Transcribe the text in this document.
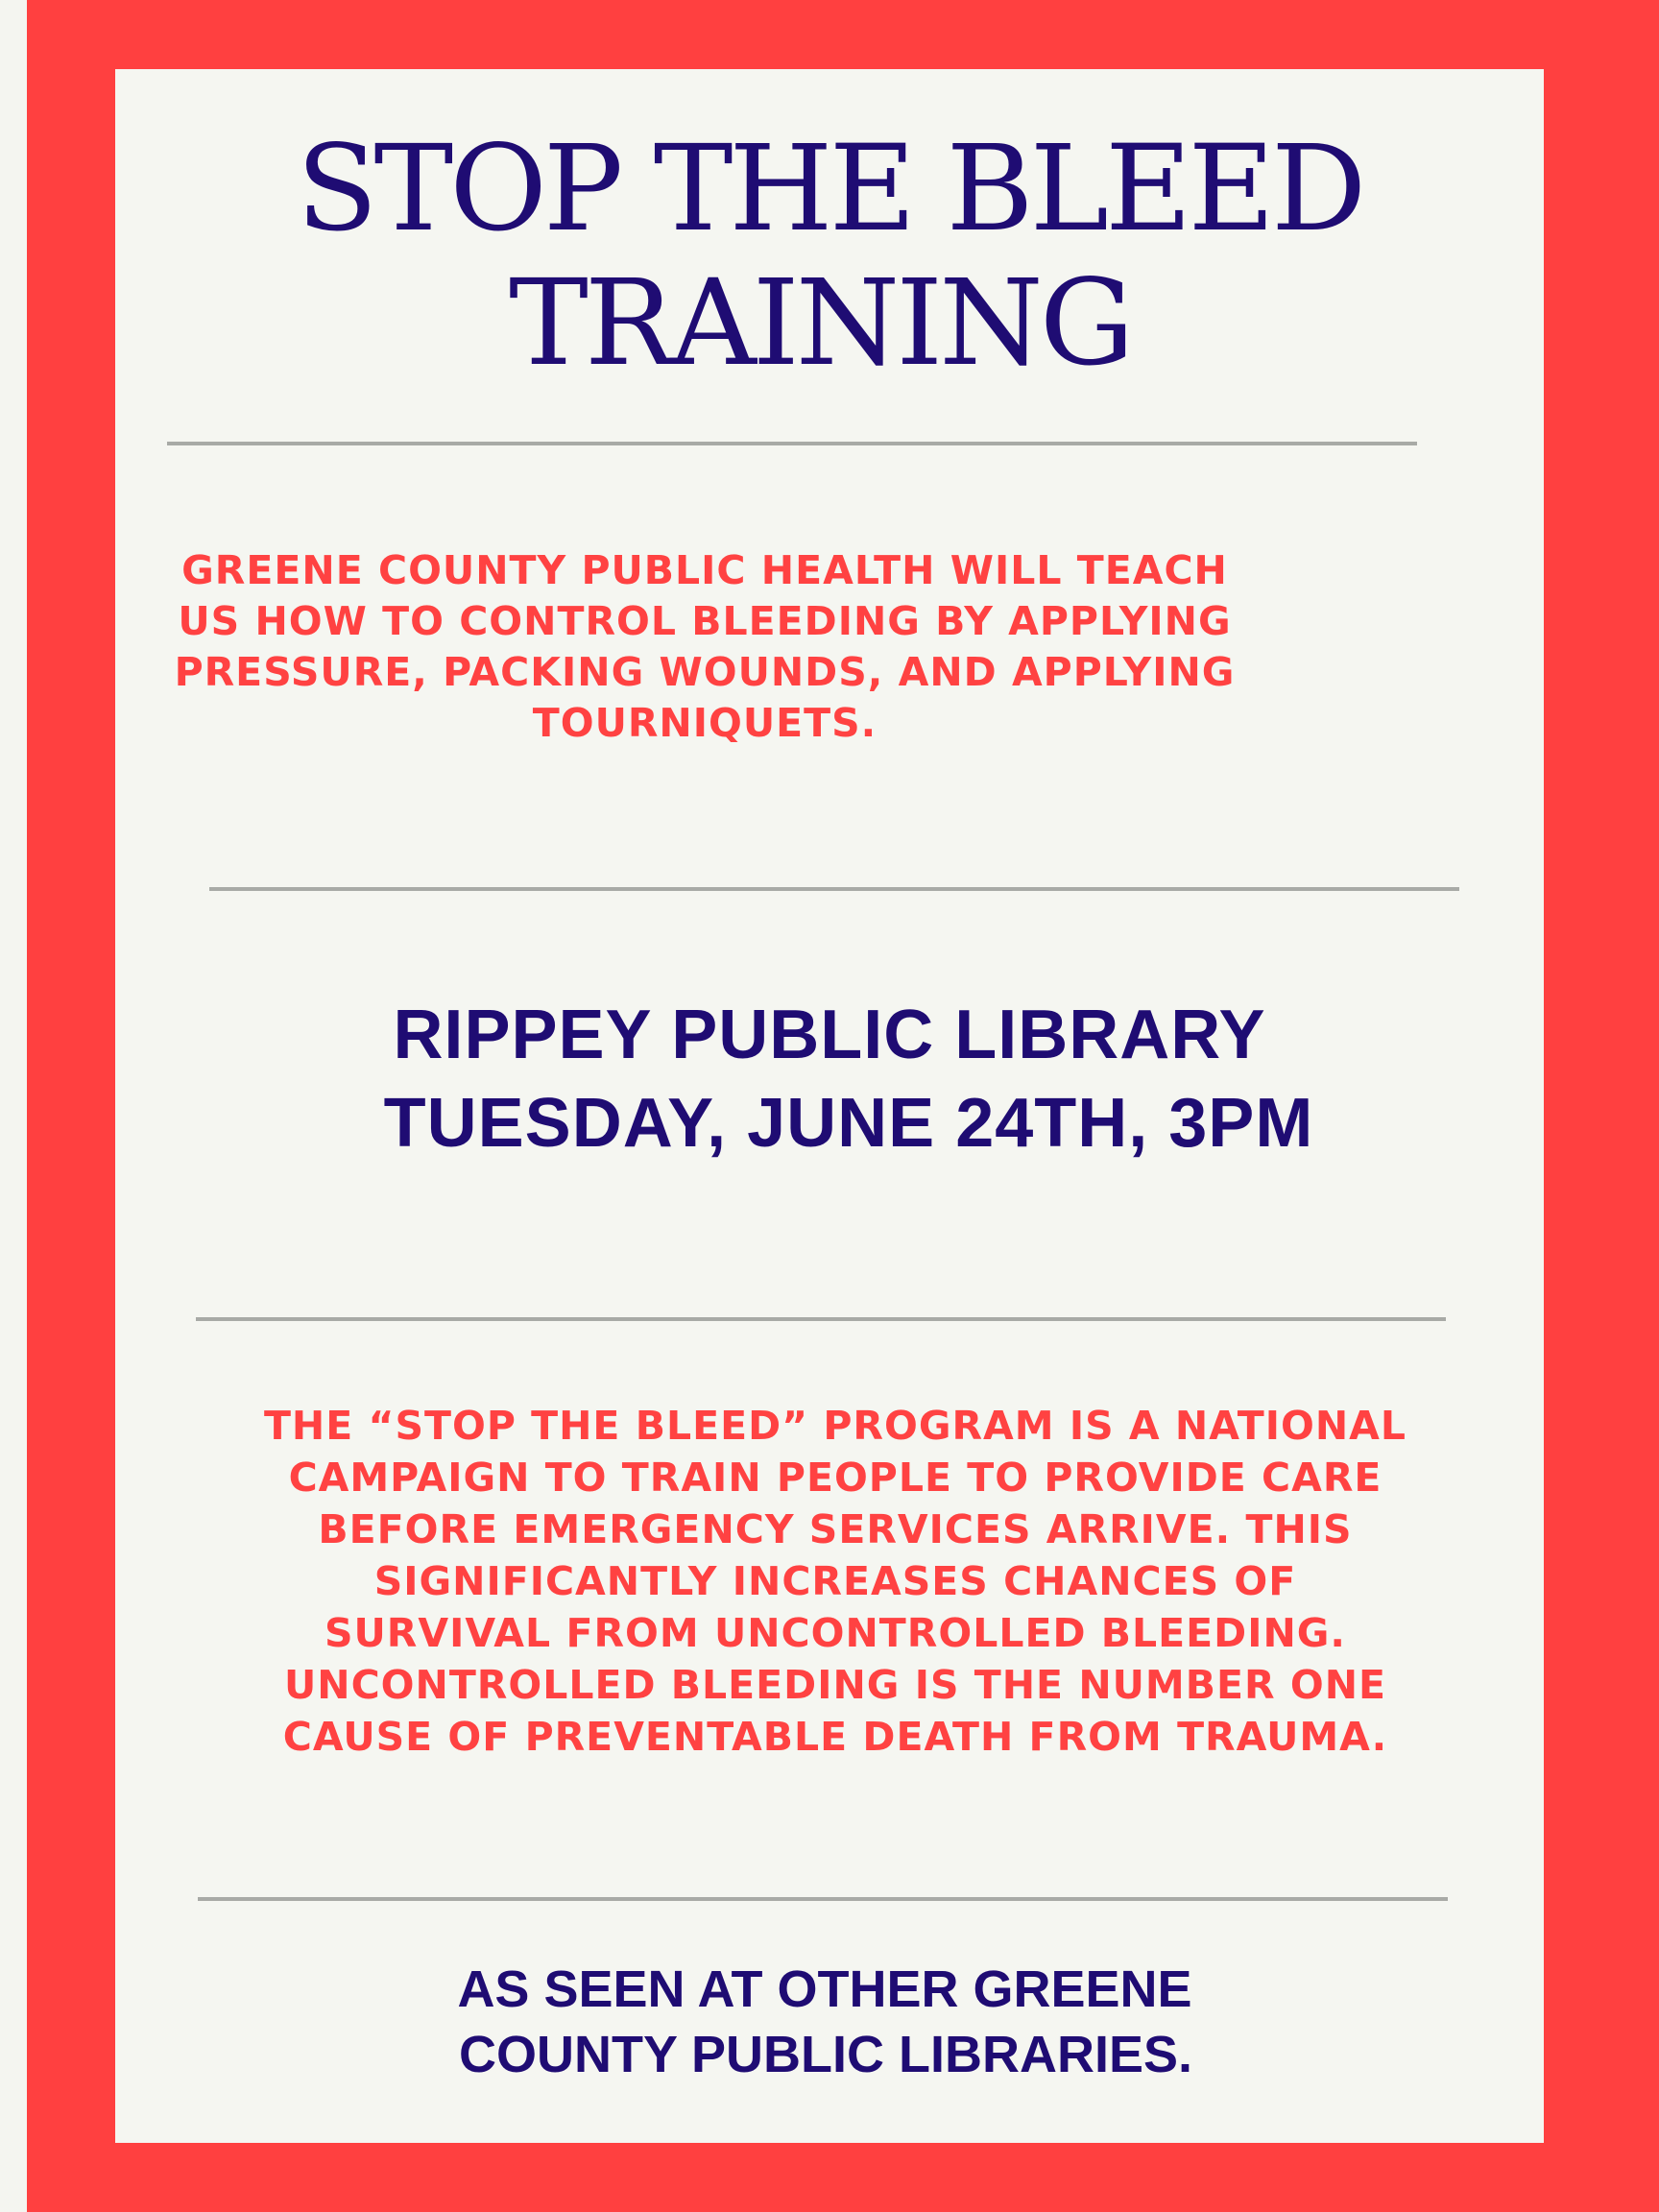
STOP THE BLEED
TRAINING

GREENE COUNTY PUBLIC HEALTH WILL TEACH
US HOW TO CONTROL BLEEDING BY APPLYING
PRESSURE, PACKING WOUNDS, AND APPLYING
TOURNIQUETS.

RIPPEY PUBLIC LIBRARY
TUESDAY, JUNE 24TH, 3PM

THE “STOP THE BLEED” PROGRAM IS A NATIONAL
CAMPAIGN TO TRAIN PEOPLE TO PROVIDE CARE
BEFORE EMERGENCY SERVICES ARRIVE. THIS
SIGNIFICANTLY INCREASES CHANCES OF
SURVIVAL FROM UNCONTROLLED BLEEDING.
UNCONTROLLED BLEEDING IS THE NUMBER ONE
CAUSE OF PREVENTABLE DEATH FROM TRAUMA.

AS SEEN AT OTHER GREENE
COUNTY PUBLIC LIBRARIES.
